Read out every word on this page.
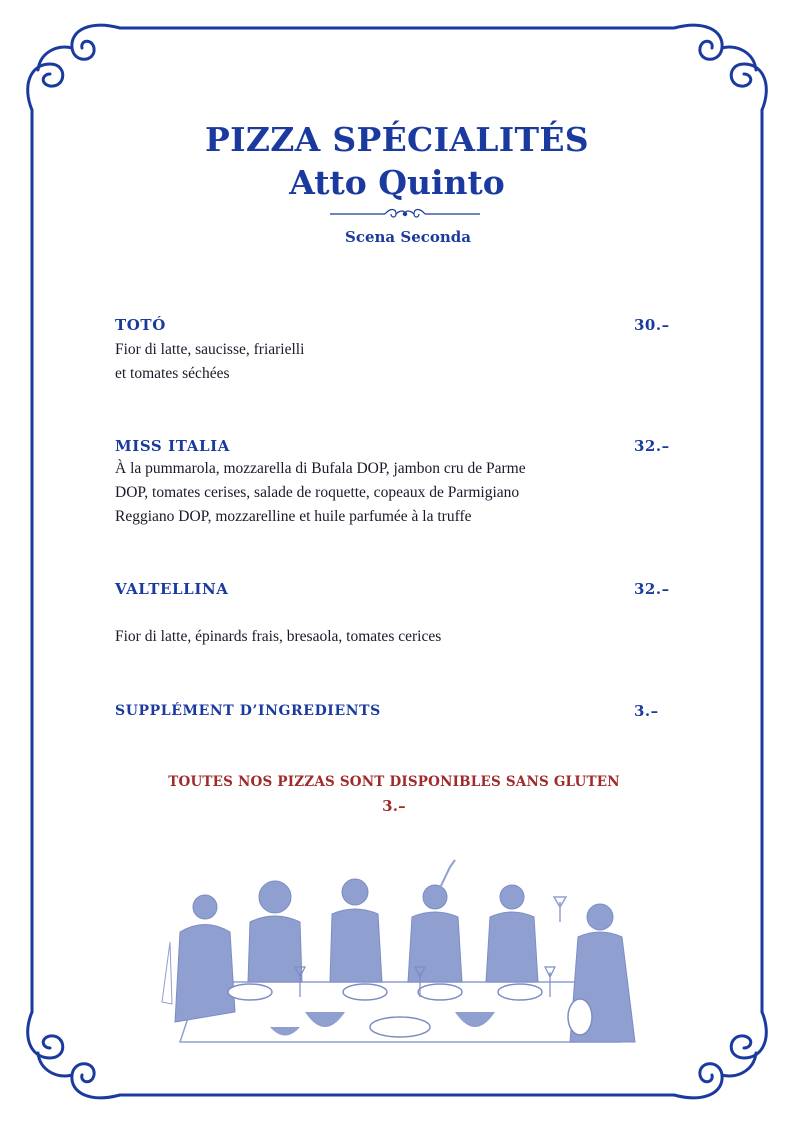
PIZZA SPÉCIALITÉS
Atto Quinto
Scena Seconda
TOTÓ	30.–
Fior di latte, saucisse, friarielli
et tomates séchées
MISS ITALIA	32.–
À la pummarola, mozzarella di Bufala DOP, jambon cru de Parme
DOP, tomates cerises, salade de roquette, copeaux de Parmigiano
Reggiano DOP, mozzarelline et huile parfumée à la truffe
VALTELLINA	32.–
Fior di latte, épinards frais, bresaola, tomates cerices
SUPPLÉMENT D’INGREDIENTS	3.–
TOUTES NOS PIZZAS SONT DISPONIBLES SANS GLUTEN
3.–
